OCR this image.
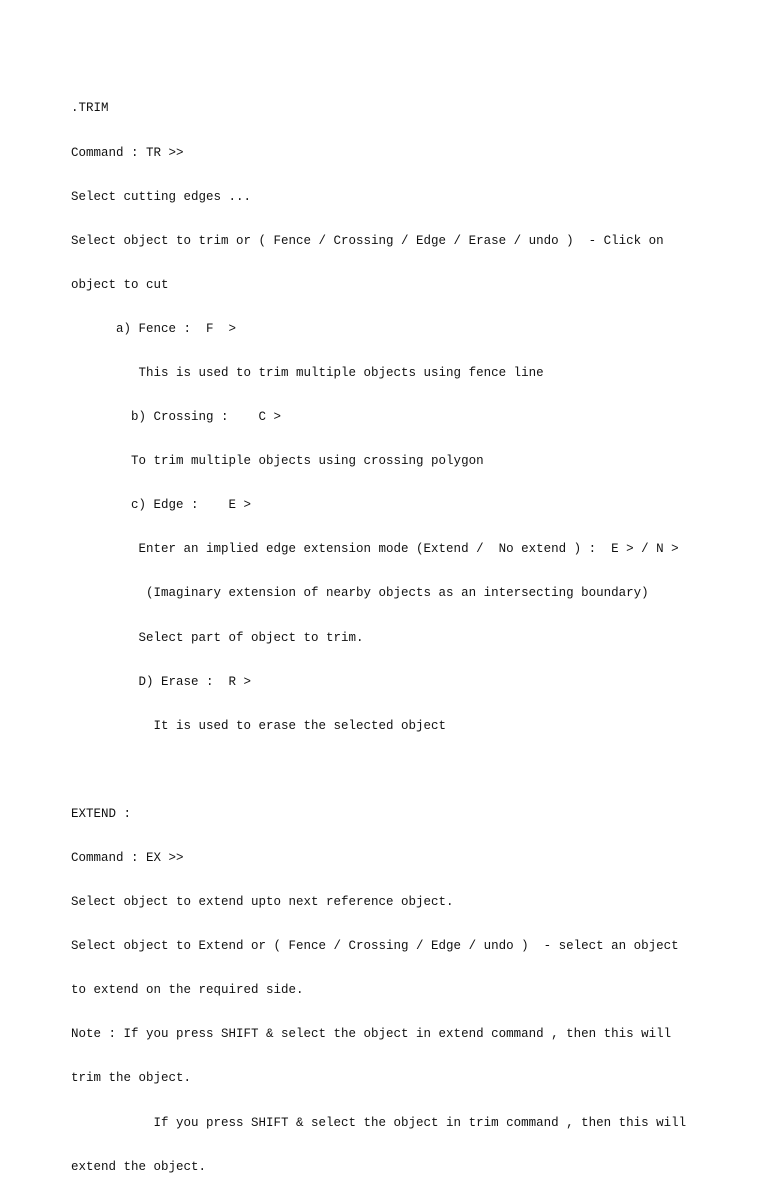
.TRIM

Command : TR >>

Select cutting edges ...

Select object to trim or ( Fence / Crossing / Edge / Erase / undo )  - Click on

object to cut

a) Fence :  F  >

This is used to trim multiple objects using fence line

b) Crossing :    C >

To trim multiple objects using crossing polygon

c) Edge :    E >

Enter an implied edge extension mode (Extend /  No extend ) :  E > / N >

(Imaginary extension of nearby objects as an intersecting boundary)

Select part of object to trim.

D) Erase :  R >

It is used to erase the selected object

EXTEND :

Command : EX >>

Select object to extend upto next reference object.

Select object to Extend or ( Fence / Crossing / Edge / undo )  - select an object

to extend on the required side.

Note : If you press SHIFT & select the object in extend command , then this will

trim the object.

If you press SHIFT & select the object in trim command , then this will

extend the object.
